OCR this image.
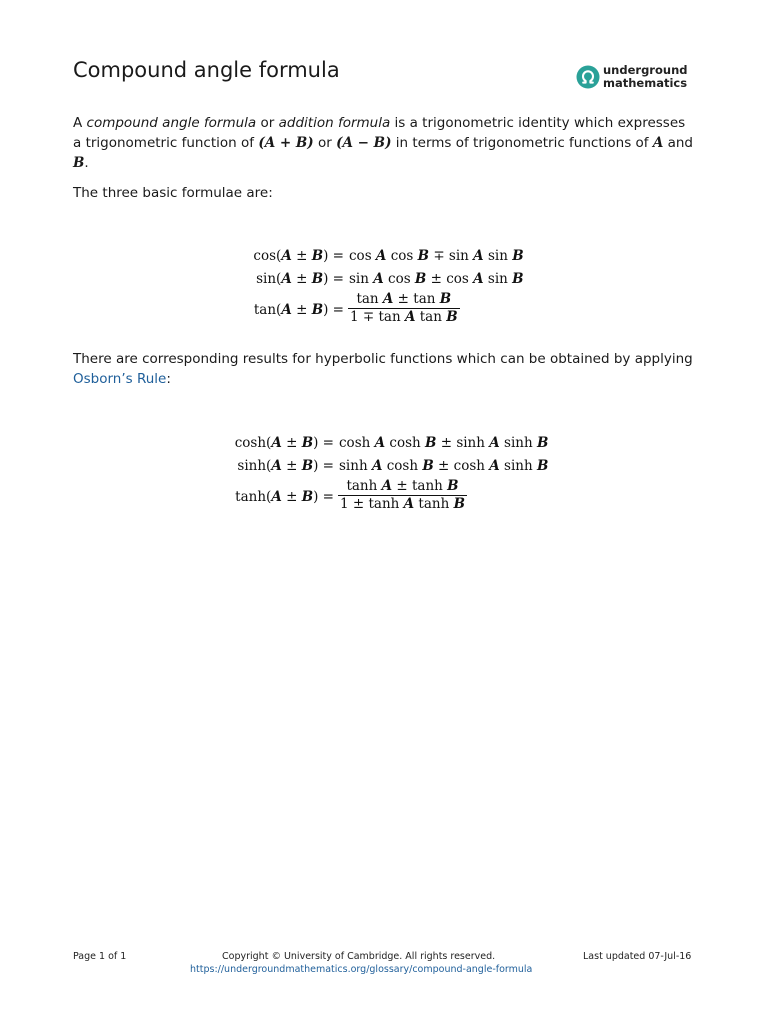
Compound angle formula	underground
mathematics

A compound angle formula or addition formula is a trigonometric identity which expresses a trigonometric function of (A + B) or (A − B) in terms of trigonometric functions of A and B.

The three basic formulae are:

cos(A ± B) = cos A cos B ∓ sin A sin B
sin(A ± B) = sin A cos B ± cos A sin B
$\tan(A \pm B) = \frac{\text{tan A ± tan B}}{\text{1 ∓ tan A tan B}}$

There are corresponding results for hyperbolic functions which can be obtained by applying Osborn’s Rule:

cosh(A ± B) = cosh A cosh B ± sinh A sinh B
sinh(A ± B) = sinh A cosh B ± cosh A sinh B
$\tanh(A \pm B) = \frac{\text{tanh A ± tanh B}}{\text{1 ± tanh A tanh B}}$

Page 1 of 1	Copyright © University of Cambridge. All rights reserved.	Last updated 07-Jul-16

https://undergroundmathematics.org/glossary/compound-angle-formula
